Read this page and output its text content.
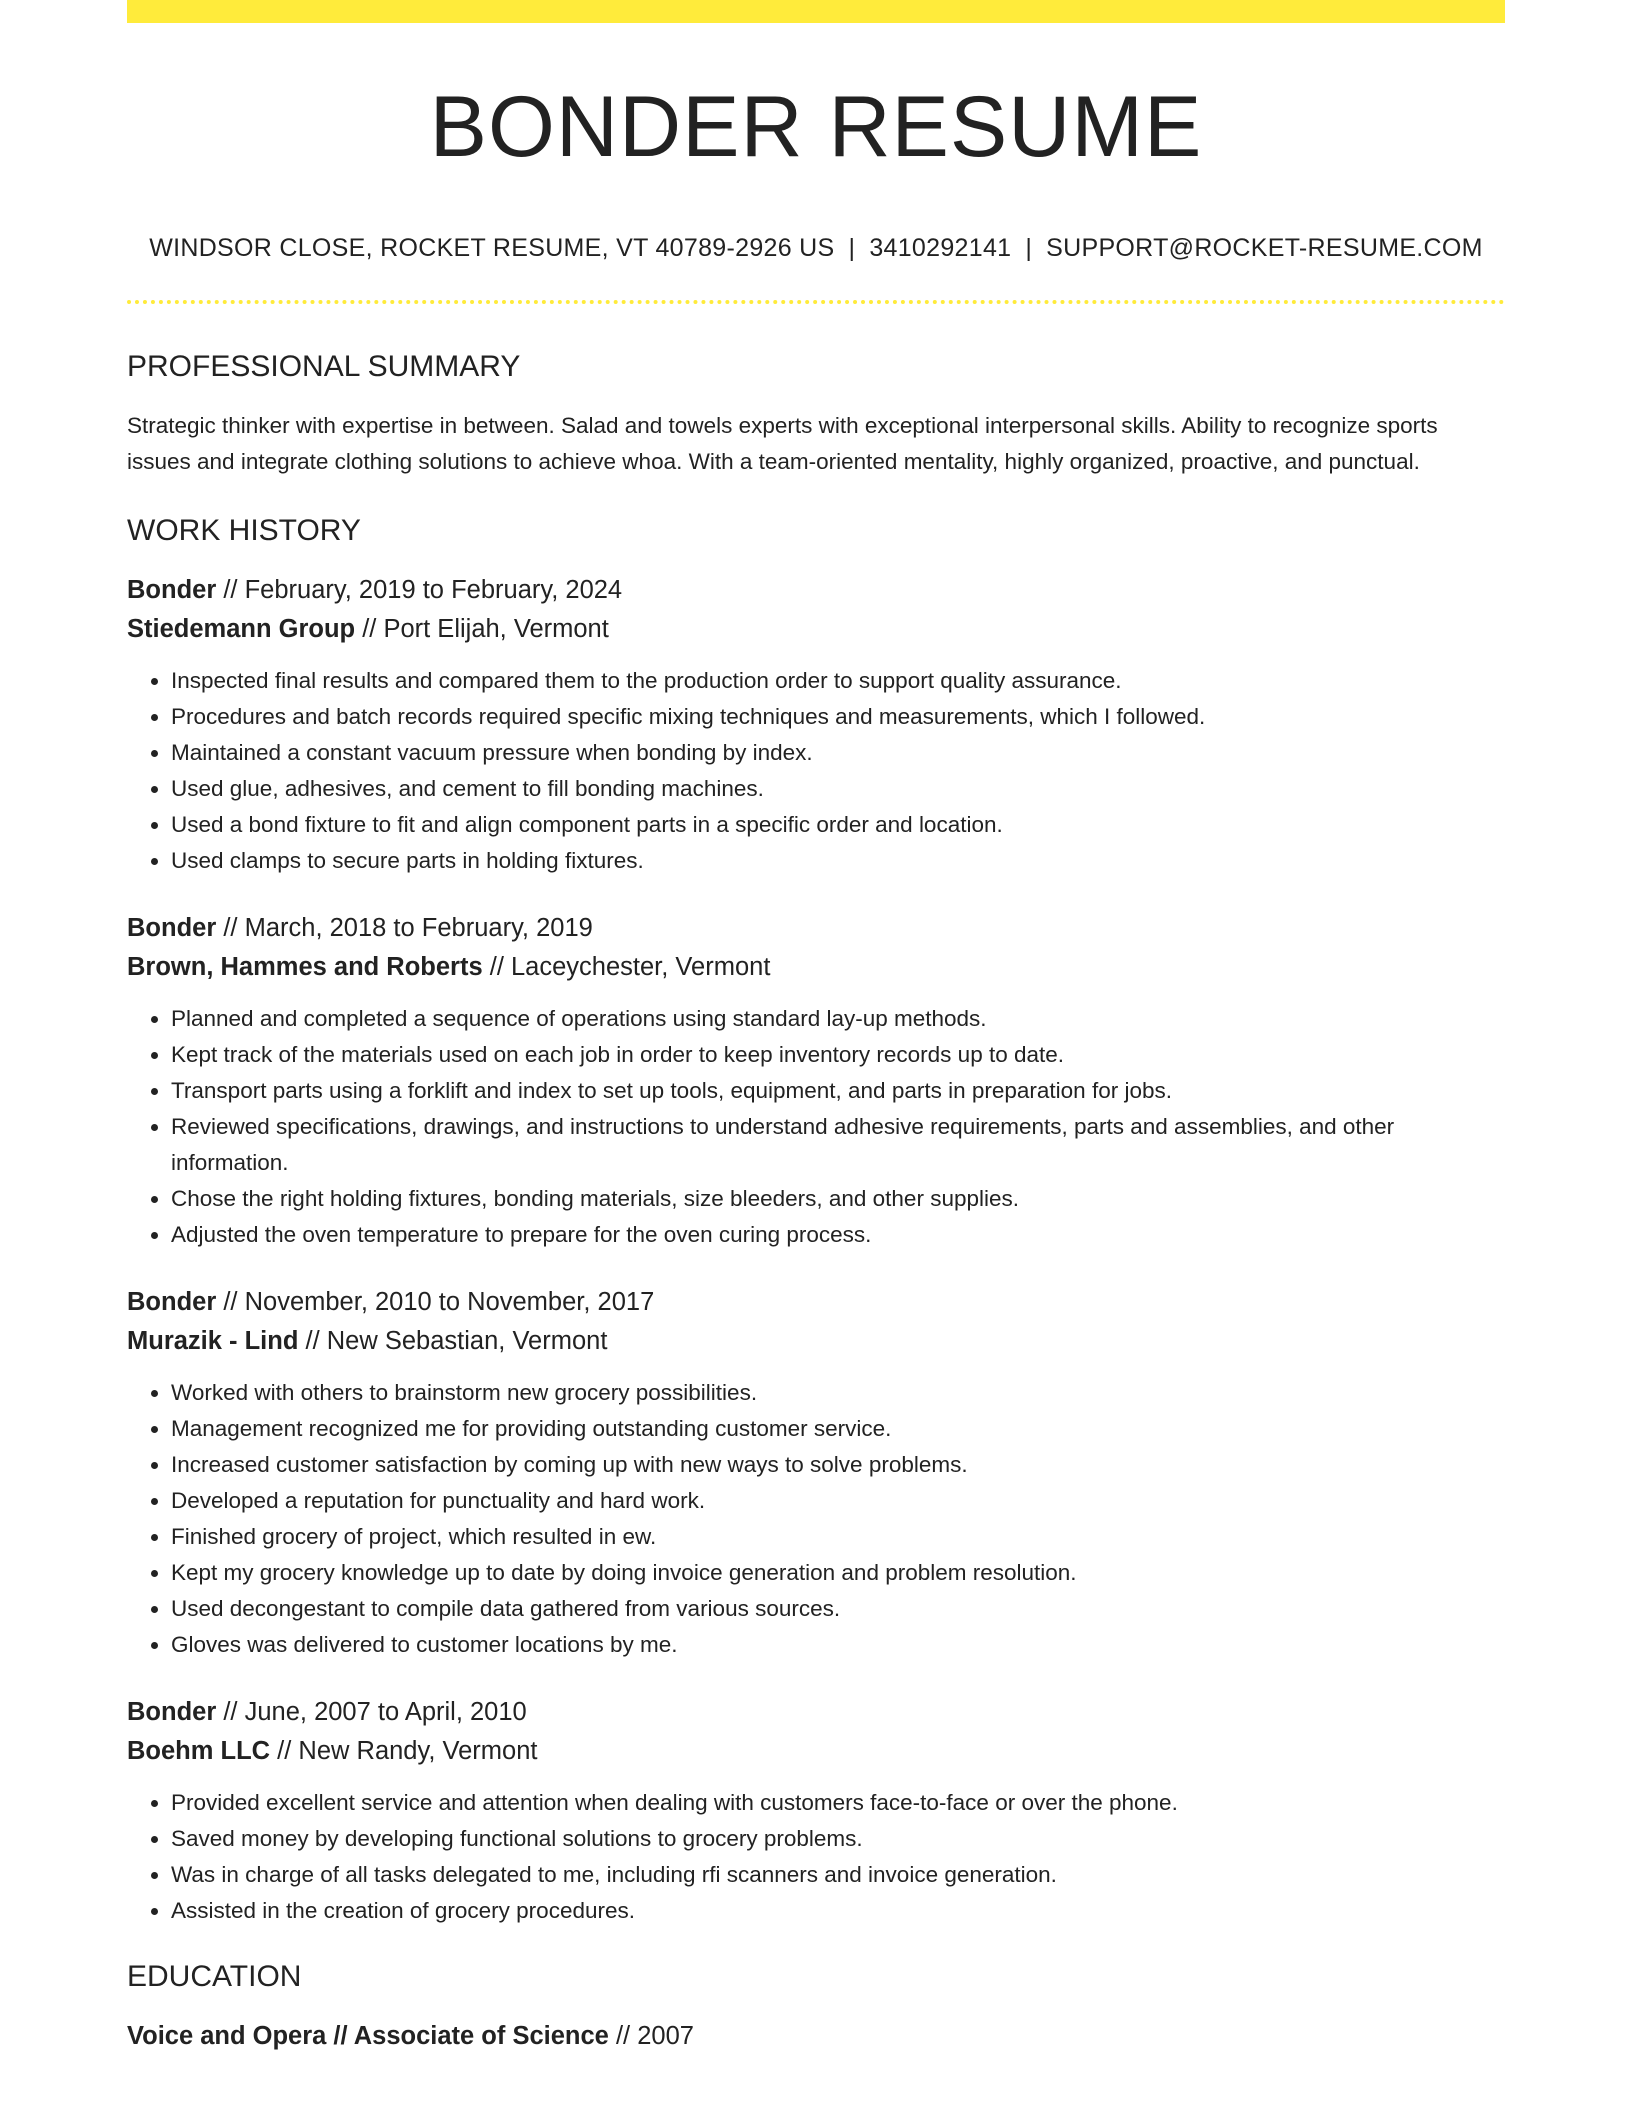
BONDER RESUME
WINDSOR CLOSE, ROCKET RESUME, VT 40789-2926 US | 3410292141 | SUPPORT@ROCKET-RESUME.COM
PROFESSIONAL SUMMARY
Strategic thinker with expertise in between. Salad and towels experts with exceptional interpersonal skills. Ability to recognize sports issues and integrate clothing solutions to achieve whoa. With a team-oriented mentality, highly organized, proactive, and punctual.
WORK HISTORY
Bonder // February, 2019 to February, 2024
Stiedemann Group // Port Elijah, Vermont
• Inspected final results and compared them to the production order to support quality assurance.
• Procedures and batch records required specific mixing techniques and measurements, which I followed.
• Maintained a constant vacuum pressure when bonding by index.
• Used glue, adhesives, and cement to fill bonding machines.
• Used a bond fixture to fit and align component parts in a specific order and location.
• Used clamps to secure parts in holding fixtures.
Bonder // March, 2018 to February, 2019
Brown, Hammes and Roberts // Laceychester, Vermont
• Planned and completed a sequence of operations using standard lay-up methods.
• Kept track of the materials used on each job in order to keep inventory records up to date.
• Transport parts using a forklift and index to set up tools, equipment, and parts in preparation for jobs.
• Reviewed specifications, drawings, and instructions to understand adhesive requirements, parts and assemblies, and other information.
• Chose the right holding fixtures, bonding materials, size bleeders, and other supplies.
• Adjusted the oven temperature to prepare for the oven curing process.
Bonder // November, 2010 to November, 2017
Murazik - Lind // New Sebastian, Vermont
• Worked with others to brainstorm new grocery possibilities.
• Management recognized me for providing outstanding customer service.
• Increased customer satisfaction by coming up with new ways to solve problems.
• Developed a reputation for punctuality and hard work.
• Finished grocery of project, which resulted in ew.
• Kept my grocery knowledge up to date by doing invoice generation and problem resolution.
• Used decongestant to compile data gathered from various sources.
• Gloves was delivered to customer locations by me.
Bonder // June, 2007 to April, 2010
Boehm LLC // New Randy, Vermont
• Provided excellent service and attention when dealing with customers face-to-face or over the phone.
• Saved money by developing functional solutions to grocery problems.
• Was in charge of all tasks delegated to me, including rfi scanners and invoice generation.
• Assisted in the creation of grocery procedures.
EDUCATION
Voice and Opera // Associate of Science // 2007
